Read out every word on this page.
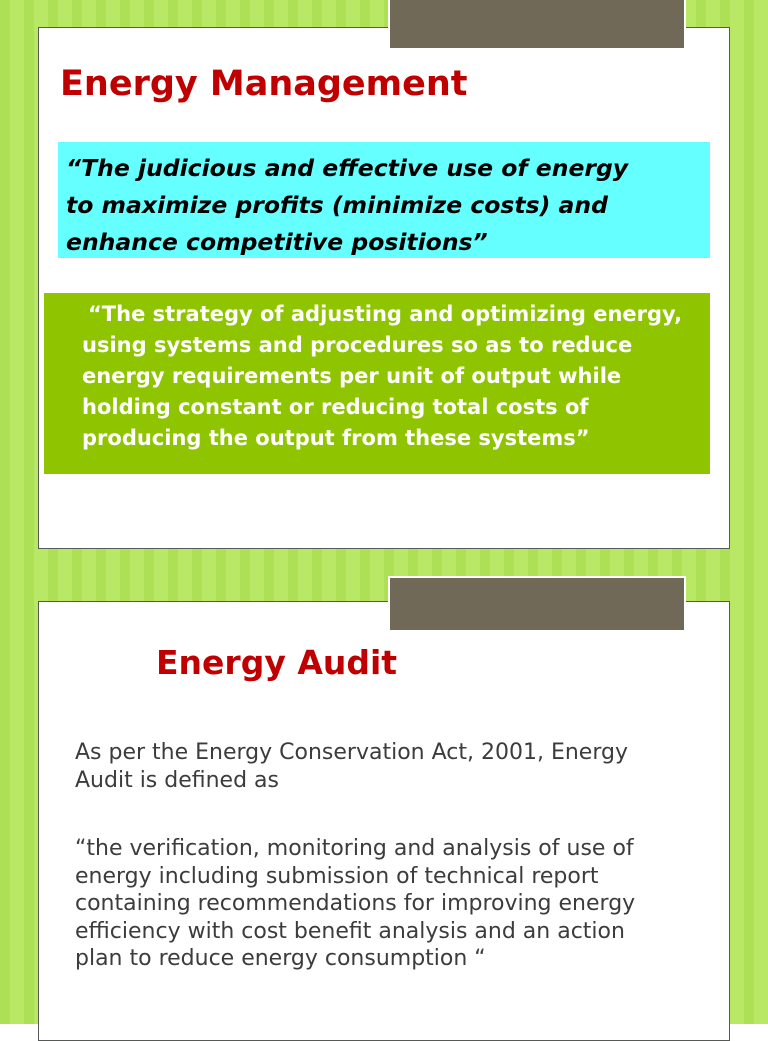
Energy Management
“The judicious and effective use of energy
to maximize profits (minimize costs) and
enhance competitive positions”
“The strategy of adjusting and optimizing energy,
using systems and procedures so as to reduce
energy requirements per unit of output while
holding constant or reducing total costs of
producing the output from these systems”
Energy Audit

As per the Energy Conservation Act, 2001, Energy
Audit is defined as

“the verification, monitoring and analysis of use of
energy including submission of technical report
containing recommendations for improving energy
efficiency with cost benefit analysis and an action
plan to reduce energy consumption “
